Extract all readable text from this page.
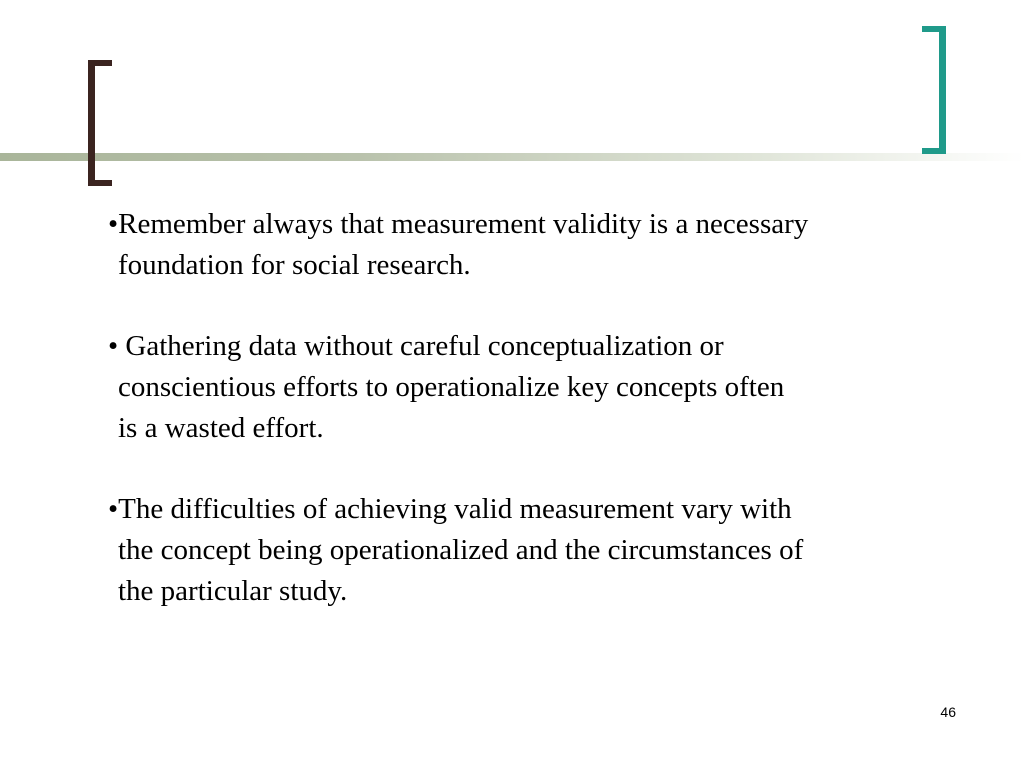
•Remember always that measurement validity is a necessary
foundation for social research.
• Gathering data without careful conceptualization or
conscientious efforts to operationalize key concepts often
is a wasted effort.
•The difficulties of achieving valid measurement vary with
the concept being operationalized and the circumstances of
the particular study.
46
